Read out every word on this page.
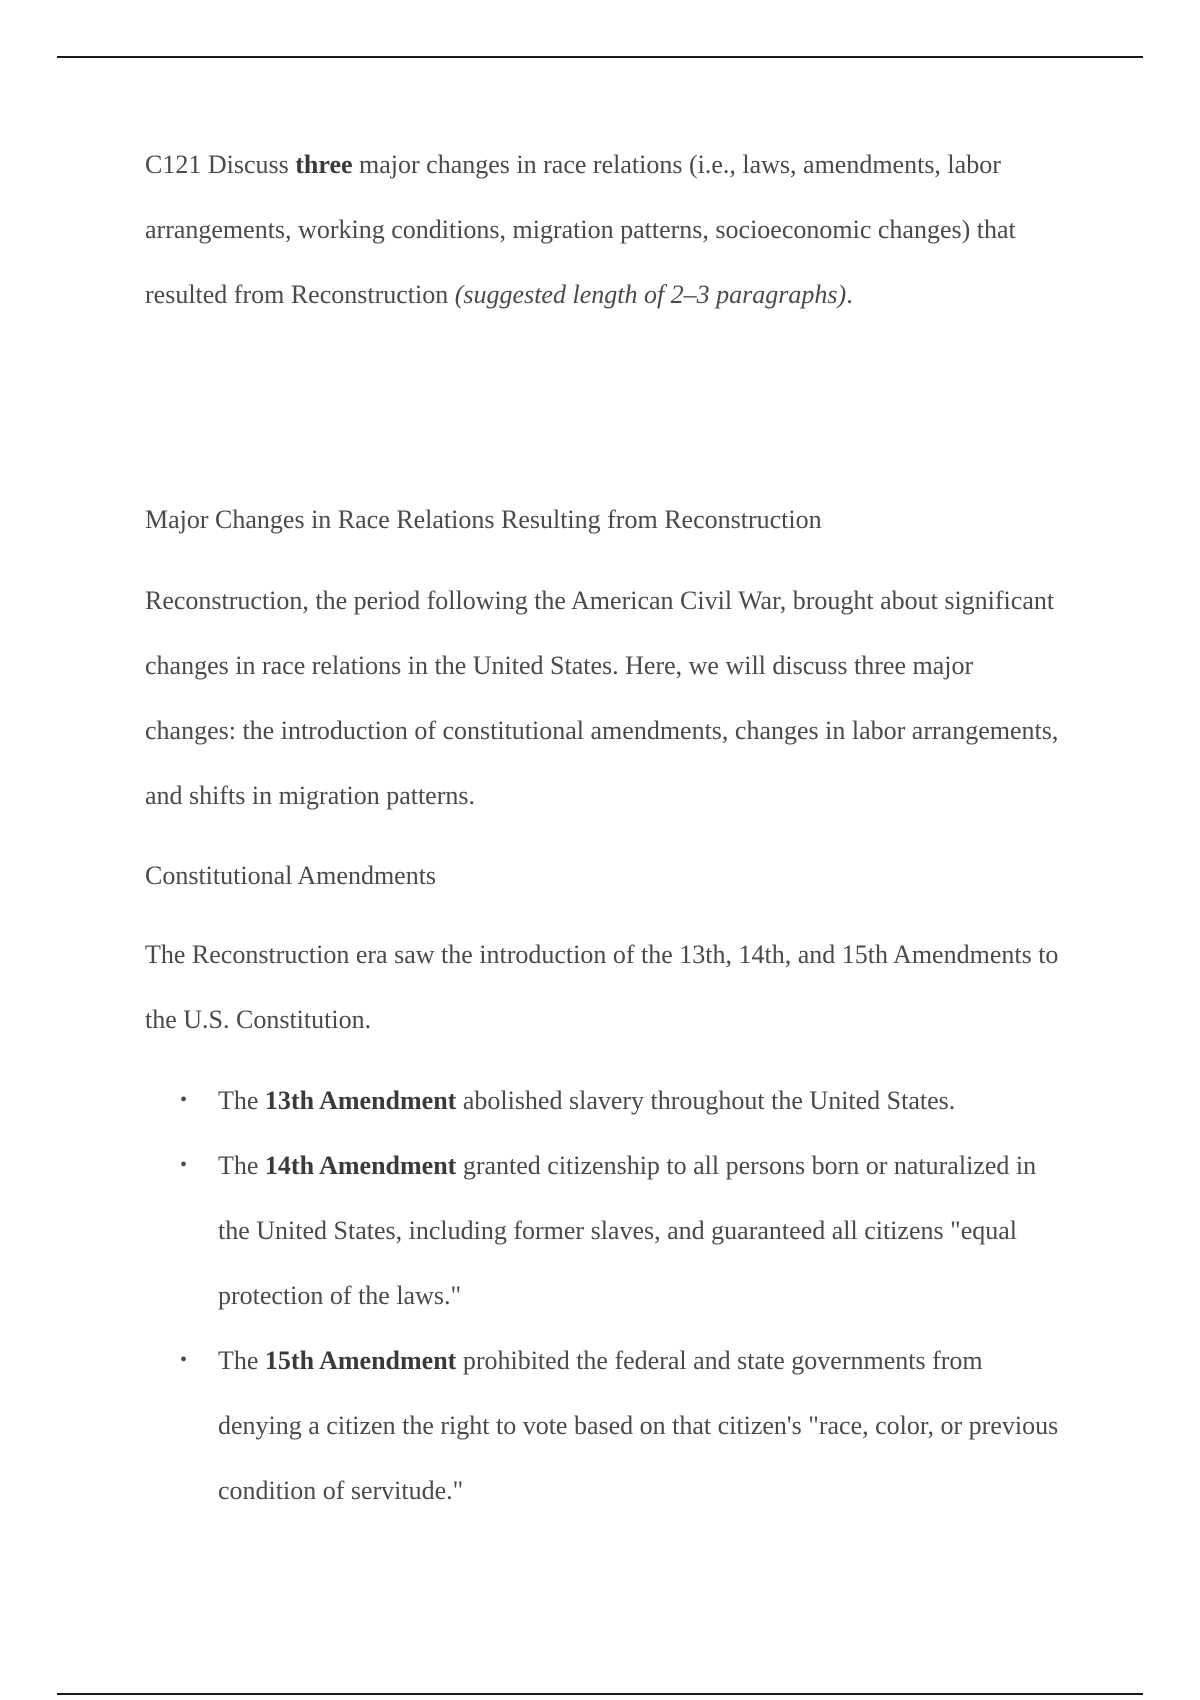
C121 Discuss three major changes in race relations (i.e., laws, amendments, labor arrangements, working conditions, migration patterns, socioeconomic changes) that resulted from Reconstruction (suggested length of 2–3 paragraphs).

Major Changes in Race Relations Resulting from Reconstruction

Reconstruction, the period following the American Civil War, brought about significant changes in race relations in the United States. Here, we will discuss three major changes: the introduction of constitutional amendments, changes in labor arrangements, and shifts in migration patterns.

Constitutional Amendments

The Reconstruction era saw the introduction of the 13th, 14th, and 15th Amendments to the U.S. Constitution.

• The 13th Amendment abolished slavery throughout the United States.
• The 14th Amendment granted citizenship to all persons born or naturalized in the United States, including former slaves, and guaranteed all citizens "equal protection of the laws."
• The 15th Amendment prohibited the federal and state governments from denying a citizen the right to vote based on that citizen's "race, color, or previous condition of servitude."
